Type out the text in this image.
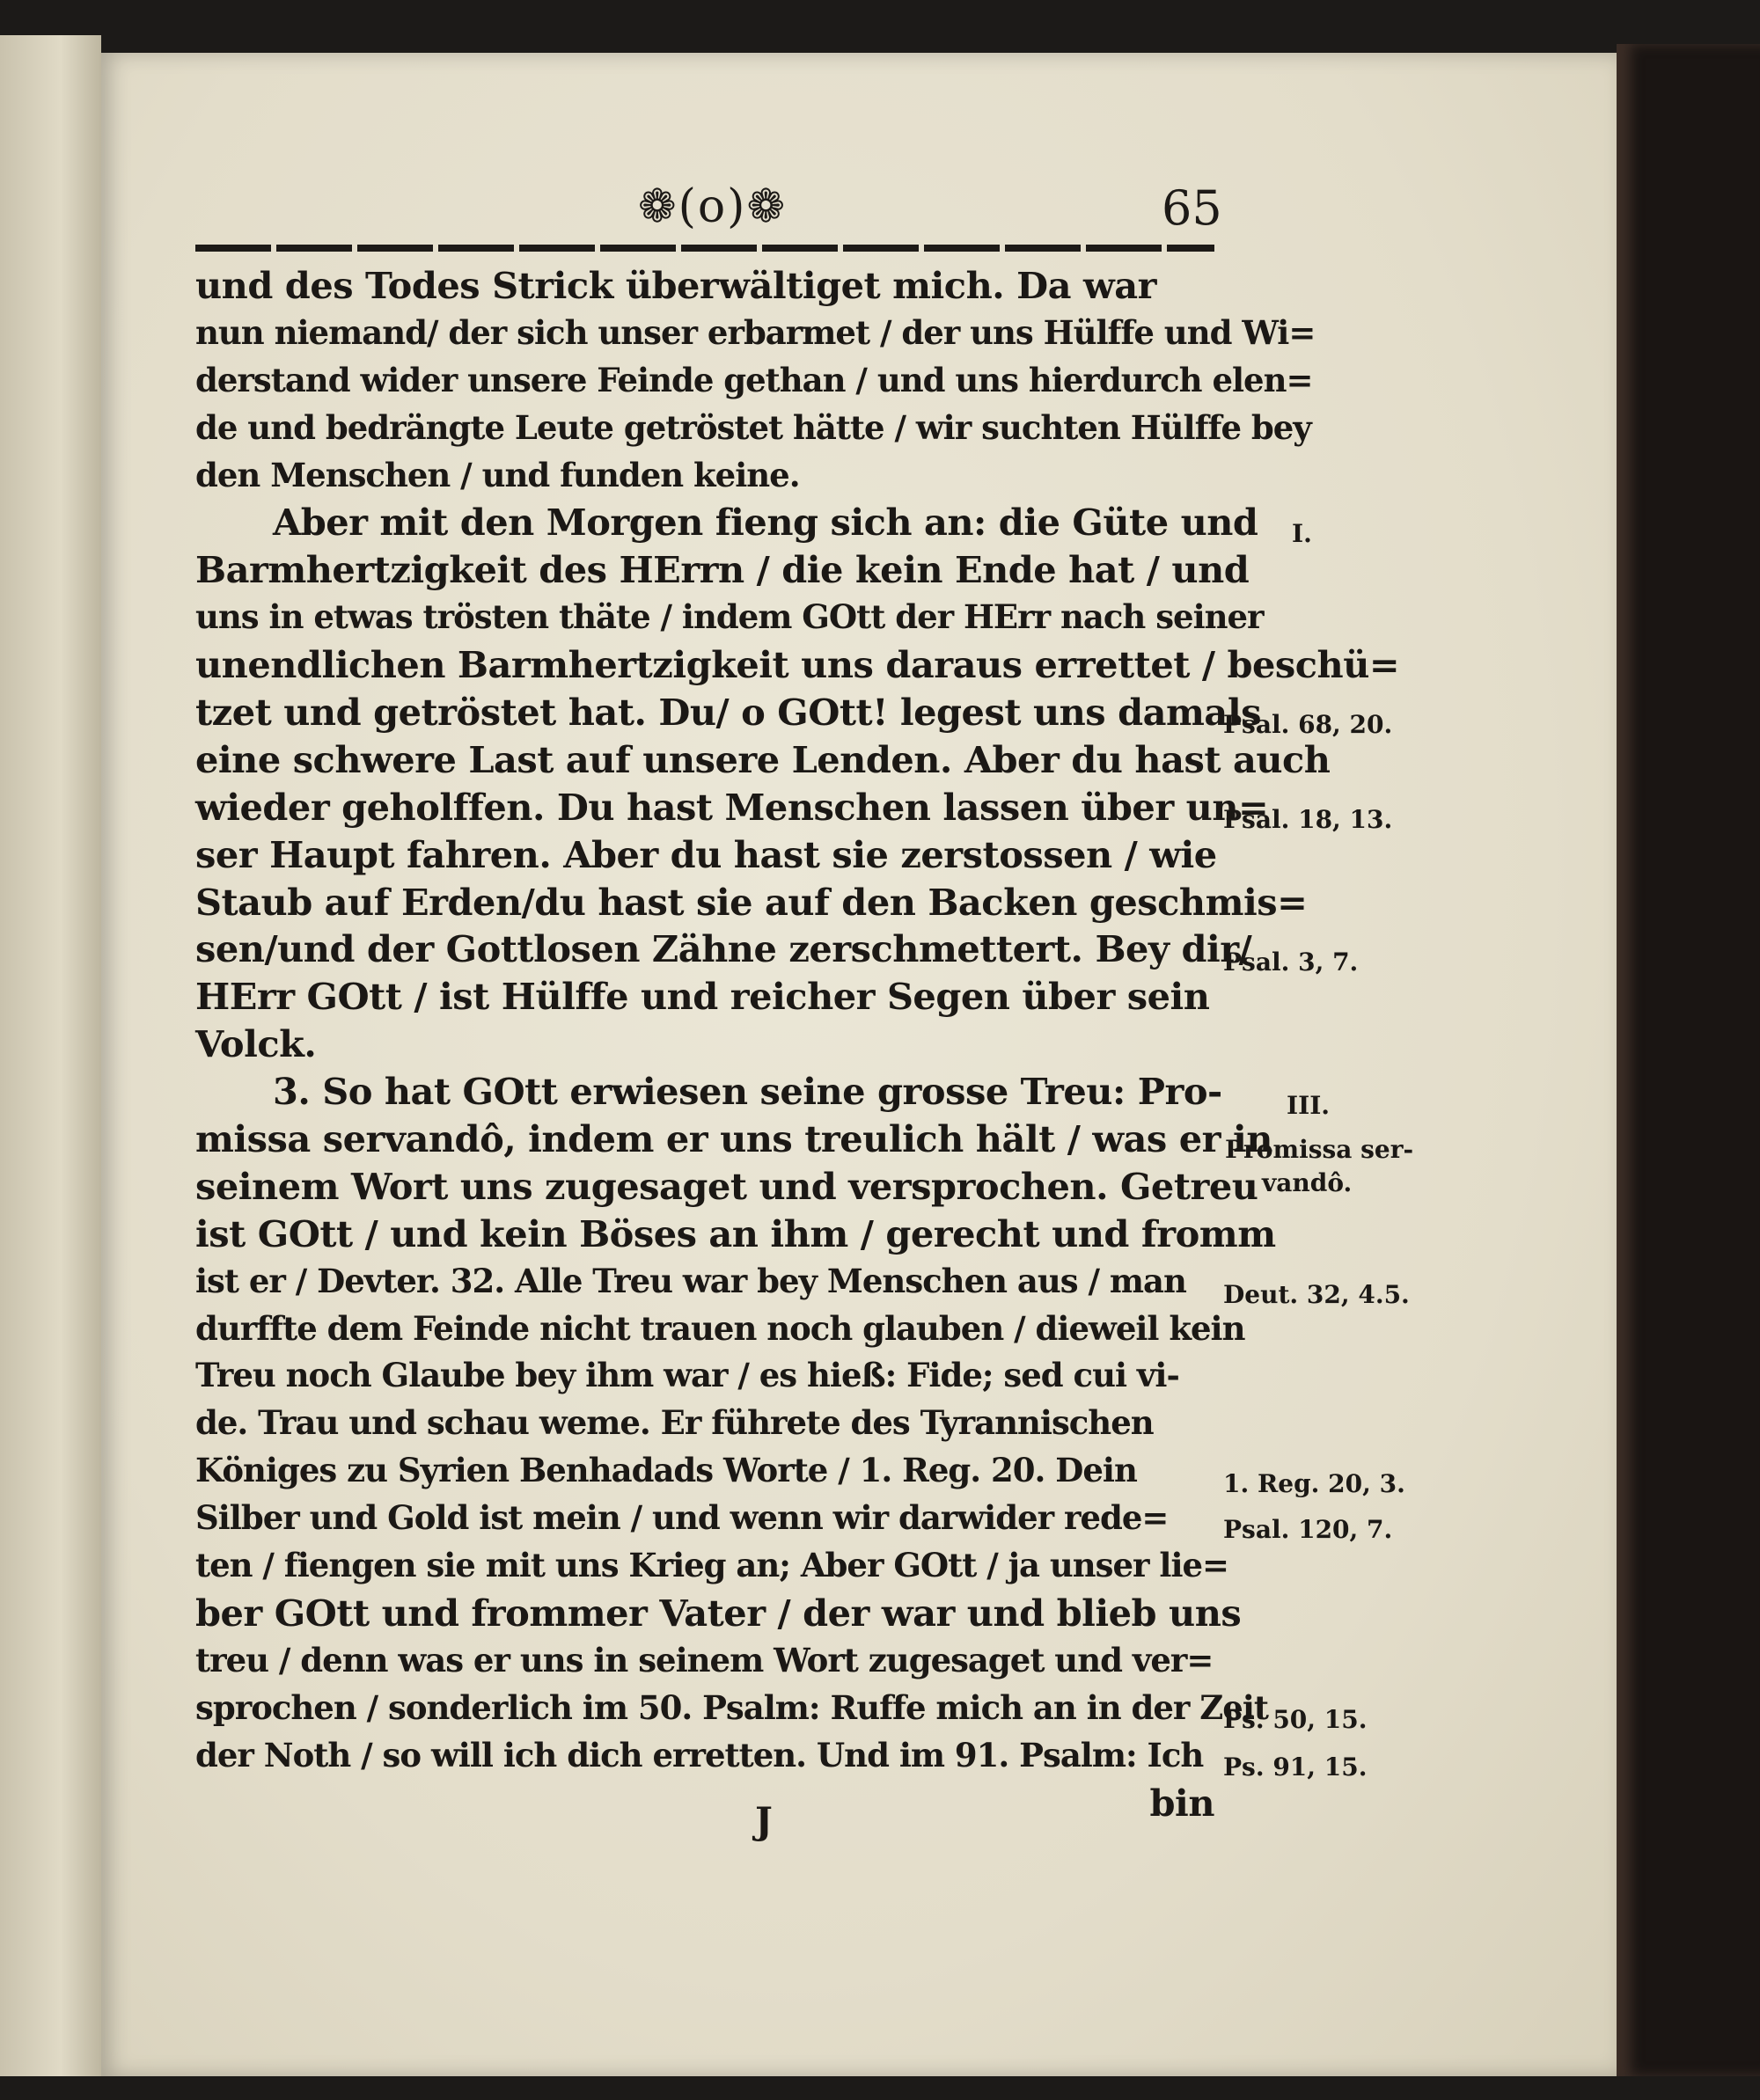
❁(o)❁	65
und des Todes Strick überwältiget mich. Da war
nun niemand/ der sich unser erbarmet / der uns Hülffe und Wi=
derstand wider unsere Feinde gethan / und uns hierdurch elen=
de und bedrängte Leute getröstet hätte / wir suchten Hülffe bey
den Menschen / und funden keine.
Aber mit den Morgen fieng sich an: die Güte und
Barmhertzigkeit des HErrn / die kein Ende hat / und
uns in etwas trösten thäte / indem GOtt der HErr nach seiner
unendlichen Barmhertzigkeit uns daraus errettet / beschü=
tzet und getröstet hat. Du/ o GOtt! legest uns damals
eine schwere Last auf unsere Lenden. Aber du hast auch
wieder geholffen. Du hast Menschen lassen über un=
ser Haupt fahren. Aber du hast sie zerstossen / wie
Staub auf Erden/du hast sie auf den Backen geschmis=
sen/und der Gottlosen Zähne zerschmettert. Bey dir/
HErr GOtt / ist Hülffe und reicher Segen über sein
Volck.
3. So hat GOtt erwiesen seine grosse Treu: Pro-
missa servandô, indem er uns treulich hält / was er in
seinem Wort uns zugesaget und versprochen. Getreu
ist GOtt / und kein Böses an ihm / gerecht und fromm
ist er / Devter. 32. Alle Treu war bey Menschen aus / man
durffte dem Feinde nicht trauen noch glauben / dieweil kein
Treu noch Glaube bey ihm war / es hieß: Fide; sed cui vi-
de. Trau und schau weme. Er führete des Tyrannischen
Königes zu Syrien Benhadads Worte / 1. Reg. 20. Dein
Silber und Gold ist mein / und wenn wir darwider rede=
ten / fiengen sie mit uns Krieg an; Aber GOtt / ja unser lie=
ber GOtt und frommer Vater / der war und blieb uns
treu / denn was er uns in seinem Wort zugesaget und ver=
sprochen / sonderlich im 50. Psalm: Ruffe mich an in der Zeit
der Noth / so will ich dich erretten. Und im 91. Psalm: Ich
bin
J
I.
Psal. 68, 20.
Psal. 18, 13.
Psal. 3, 7.
III.
Promissa ser-
vandô.
Deut. 32, 4.5.
1. Reg. 20, 3.
Psal. 120, 7.
Ps. 50, 15.
Ps. 91, 15.
